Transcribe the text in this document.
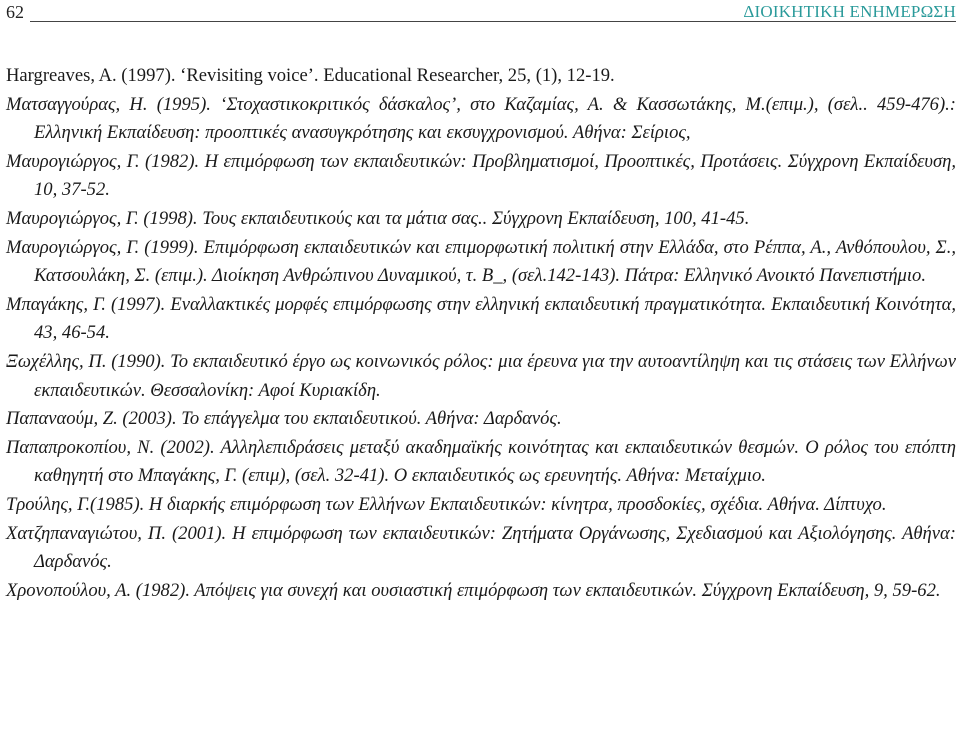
62	ΔΙΟΙΚΗΤΙΚΗ ΕΝΗΜΕΡΩΣΗ
Hargreaves, A. (1997). ‘Revisiting voice’. Educational Researcher, 25, (1), 12-19.
Ματσαγγούρας, Η. (1995). ‘Στοχαστικοκριτικός δάσκαλος’, στο Καζαμίας, Α. & Κασσωτάκης, Μ.(επιμ.), (σελ.. 459-476).: Ελληνική Εκπαίδευση: προοπτικές ανασυγκρότησης και εκσυγχρονισμού. Αθήνα: Σείριος,
Μαυρογιώργος, Γ. (1982). Η επιμόρφωση των εκπαιδευτικών: Προβληματισμοί, Προοπτικές, Προτάσεις. Σύγχρονη Εκπαίδευση, 10, 37-52.
Μαυρογιώργος, Γ. (1998). Τους εκπαιδευτικούς και τα μάτια σας.. Σύγχρονη Εκπαίδευση, 100, 41-45.
Μαυρογιώργος, Γ. (1999). Επιμόρφωση εκπαιδευτικών και επιμορφωτική πολιτική στην Ελλάδα, στο Ρέππα, Α., Ανθόπουλου, Σ., Κατσουλάκη, Σ. (επιμ.). Διοίκηση Ανθρώπινου Δυναμικού, τ. Β_, (σελ.142-143). Πάτρα: Ελληνικό Ανοικτό Πανεπιστήμιο.
Μπαγάκης, Γ. (1997). Εναλλακτικές μορφές επιμόρφωσης στην ελληνική εκπαιδευτική πραγματικότητα. Εκπαιδευτική Κοινότητα, 43, 46-54.
Ξωχέλλης, Π. (1990). Το εκπαιδευτικό έργο ως κοινωνικός ρόλος: μια έρευνα για την αυτοαντίληψη και τις στάσεις των Ελλήνων εκπαιδευτικών. Θεσσαλονίκη: Αφοί Κυριακίδη.
Παπαναούμ, Ζ. (2003). Το επάγγελμα του εκπαιδευτικού. Αθήνα: Δαρδανός.
Παπαπροκοπίου, Ν. (2002). Αλληλεπιδράσεις μεταξύ ακαδημαϊκής κοινότητας και εκπαιδευτικών θεσμών. Ο ρόλος του επόπτη καθηγητή στο Μπαγάκης, Γ. (επιμ), (σελ. 32-41). Ο εκπαιδευτικός ως ερευνητής. Αθήνα: Μεταίχμιο.
Τρούλης, Γ.(1985). Η διαρκής επιμόρφωση των Ελλήνων Εκπαιδευτικών: κίνητρα, προσδοκίες, σχέδια. Αθήνα. Δίπτυχο.
Χατζηπαναγιώτου, Π. (2001). Η επιμόρφωση των εκπαιδευτικών: Ζητήματα Οργάνωσης, Σχεδιασμού και Αξιολόγησης. Αθήνα: Δαρδανός.
Χρονοπούλου, Α. (1982). Απόψεις για συνεχή και ουσιαστική επιμόρφωση των εκπαιδευτικών. Σύγχρονη Εκπαίδευση, 9, 59-62.
